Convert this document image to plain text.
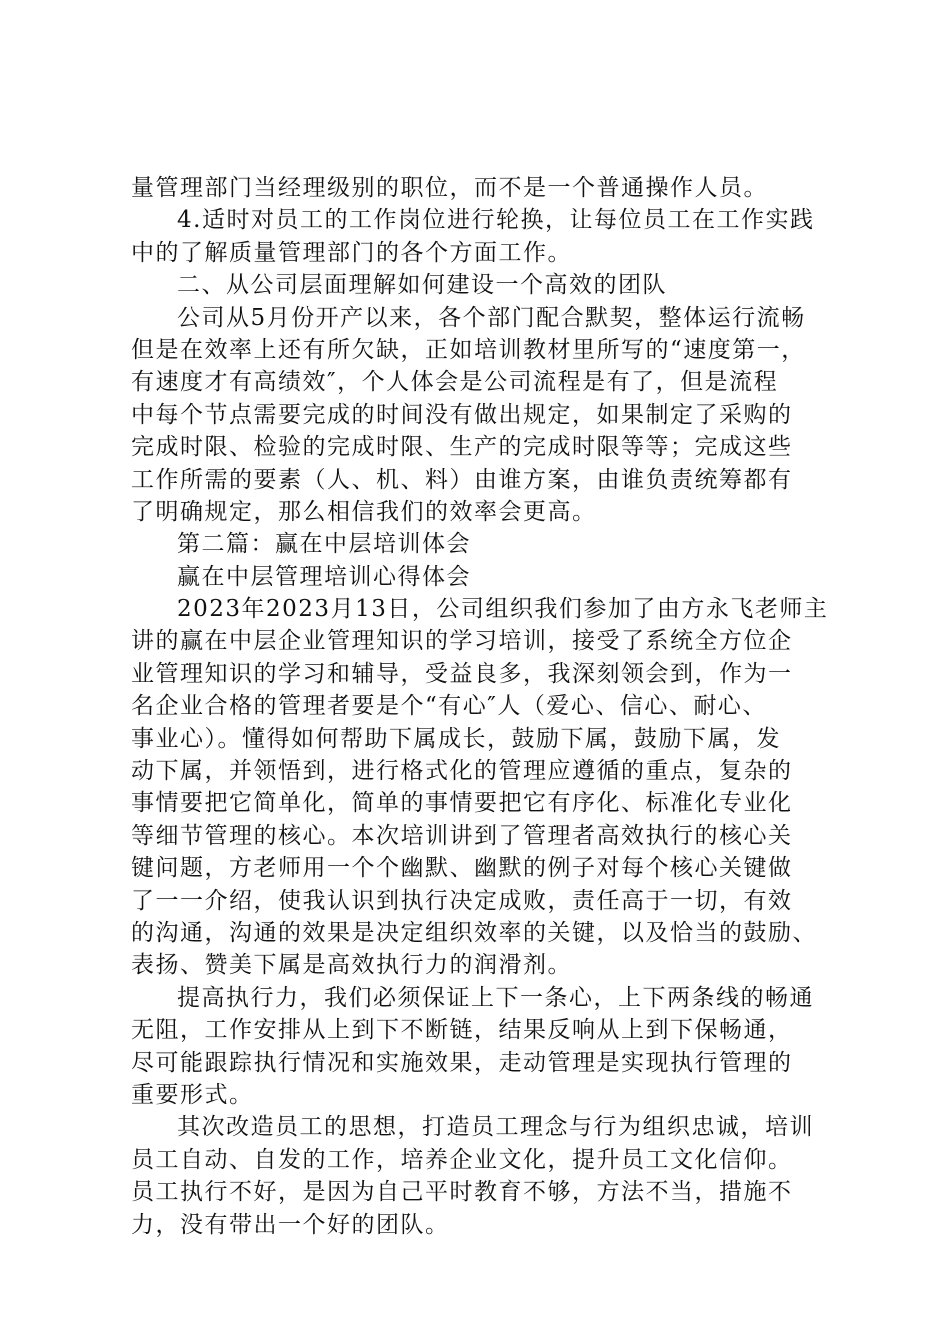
量管理部门当经理级别的职位，而不是一个普通操作人员。
4.适时对员工的工作岗位进行轮换，让每位员工在工作实践
中的了解质量管理部门的各个方面工作。
二、从公司层面理解如何建设一个高效的团队
公司从5月份开产以来，各个部门配合默契，整体运行流畅
但是在效率上还有所欠缺，正如培训教材里所写的“速度第一，
有速度才有高绩效″，个人体会是公司流程是有了，但是流程
中每个节点需要完成的时间没有做出规定，如果制定了采购的
完成时限、检验的完成时限、生产的完成时限等等；完成这些
工作所需的要素（人、机、料）由谁方案，由谁负责统筹都有
了明确规定，那么相信我们的效率会更高。
第二篇：赢在中层培训体会
赢在中层管理培训心得体会
2023年2023月13日，公司组织我们参加了由方永飞老师主
讲的赢在中层企业管理知识的学习培训，接受了系统全方位企
业管理知识的学习和辅导，受益良多，我深刻领会到，作为一
名企业合格的管理者要是个“有心″人（爱心、信心、耐心、
事业心）。懂得如何帮助下属成长，鼓励下属，鼓励下属，发
动下属，并领悟到，进行格式化的管理应遵循的重点，复杂的
事情要把它简单化，简单的事情要把它有序化、标准化专业化
等细节管理的核心。本次培训讲到了管理者高效执行的核心关
键问题，方老师用一个个幽默、幽默的例子对每个核心关键做
了一一介绍，使我认识到执行决定成败，责任高于一切，有效
的沟通，沟通的效果是决定组织效率的关键，以及恰当的鼓励、
表扬、赞美下属是高效执行力的润滑剂。
提高执行力，我们必须保证上下一条心，上下两条线的畅通
无阻，工作安排从上到下不断链，结果反响从上到下保畅通，
尽可能跟踪执行情况和实施效果，走动管理是实现执行管理的
重要形式。
其次改造员工的思想，打造员工理念与行为组织忠诚，培训
员工自动、自发的工作，培养企业文化，提升员工文化信仰。
员工执行不好，是因为自己平时教育不够，方法不当，措施不
力，没有带出一个好的团队。
